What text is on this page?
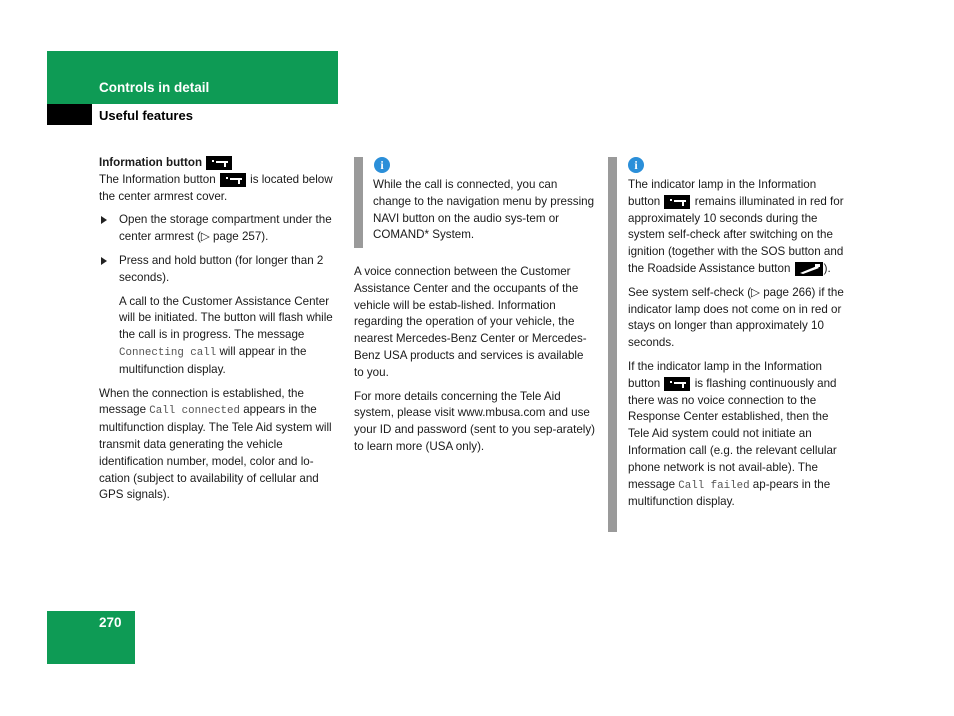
Controls in detail
Useful features

Information button

The Information button	is located below the center armrest cover.

Open the storage compartment under the center armrest (▷ page 257).

Press and hold button (for longer than 2 seconds).

A call to the Customer Assistance Center will be initiated. The button will flash while the call is in progress. The message Connecting call will appear in the multifunction display.

When the connection is established, the message Call connected appears in the multifunction display. The Tele Aid system will transmit data generating the vehicle identification number, model, color and lo-cation (subject to availability of cellular and GPS signals).

i

While the call is connected, you can change to the navigation menu by pressing NAVI button on the audio sys-tem or COMAND* System.

A voice connection between the Customer Assistance Center and the occupants of the vehicle will be estab-lished. Information regarding the operation of your vehicle, the nearest Mercedes-Benz Center or Mercedes-Benz USA products and services is available to you.

For more details concerning the Tele Aid system, please visit www.mbusa.com and use your ID and password (sent to you sep-arately) to learn more (USA only).

i

The indicator lamp in the Information button	remains illuminated in red for approximately 10 seconds during the system self-check after switching on the ignition (together with the SOS button and the Roadside Assistance button	).

See system self-check (▷ page 266) if the indicator lamp does not come on in red or stays on longer than approximately 10 seconds.

If the indicator lamp in the Information button	is flashing continuously and there was no voice connection to the Response Center established, then the Tele Aid system could not initiate an Information call (e.g. the relevant cellular phone network is not avail-able). The message Call failed ap-pears in the multifunction display.

270
